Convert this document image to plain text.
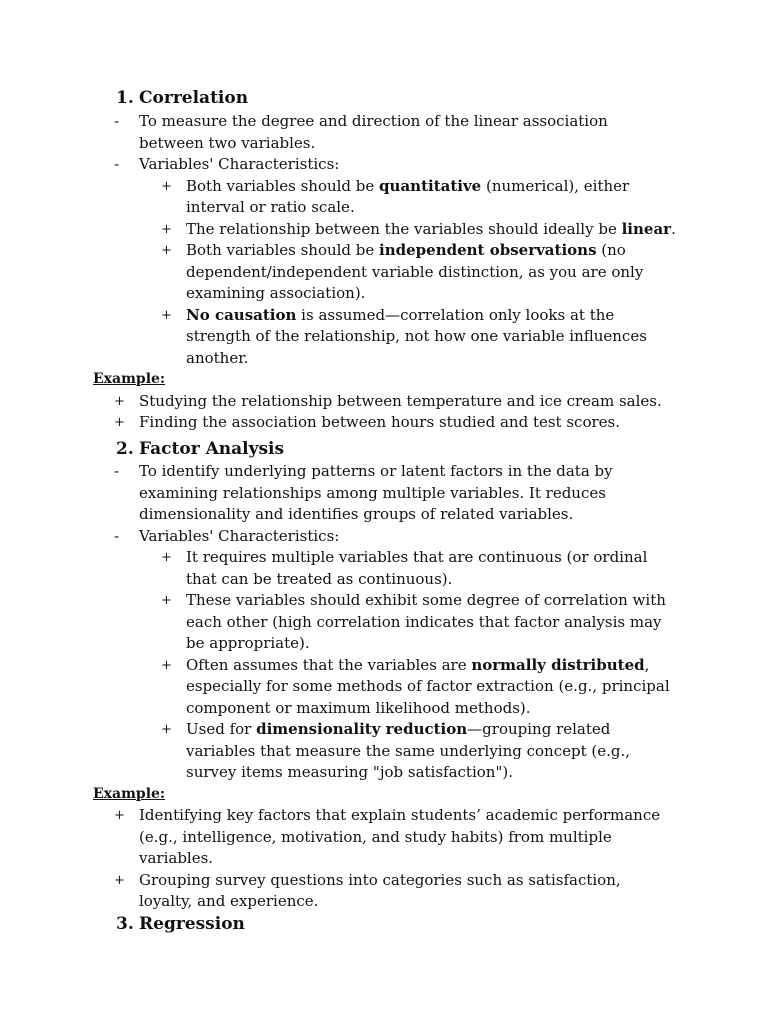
1. Correlation
- To measure the degree and direction of the linear association between two variables.
- Variables' Characteristics:
+ Both variables should be quantitative (numerical), either interval or ratio scale.
+ The relationship between the variables should ideally be linear.
+ Both variables should be independent observations (no dependent/independent variable distinction, as you are only examining association).
+ No causation is assumed—correlation only looks at the strength of the relationship, not how one variable influences another.
Example:
+ Studying the relationship between temperature and ice cream sales.
+ Finding the association between hours studied and test scores.
2. Factor Analysis
- To identify underlying patterns or latent factors in the data by examining relationships among multiple variables. It reduces dimensionality and identifies groups of related variables.
- Variables' Characteristics:
+ It requires multiple variables that are continuous (or ordinal that can be treated as continuous).
+ These variables should exhibit some degree of correlation with each other (high correlation indicates that factor analysis may be appropriate).
+ Often assumes that the variables are normally distributed, especially for some methods of factor extraction (e.g., principal component or maximum likelihood methods).
+ Used for dimensionality reduction—grouping related variables that measure the same underlying concept (e.g., survey items measuring "job satisfaction").
Example:
+ Identifying key factors that explain students’ academic performance (e.g., intelligence, motivation, and study habits) from multiple variables.
+ Grouping survey questions into categories such as satisfaction, loyalty, and experience.
3. Regression
